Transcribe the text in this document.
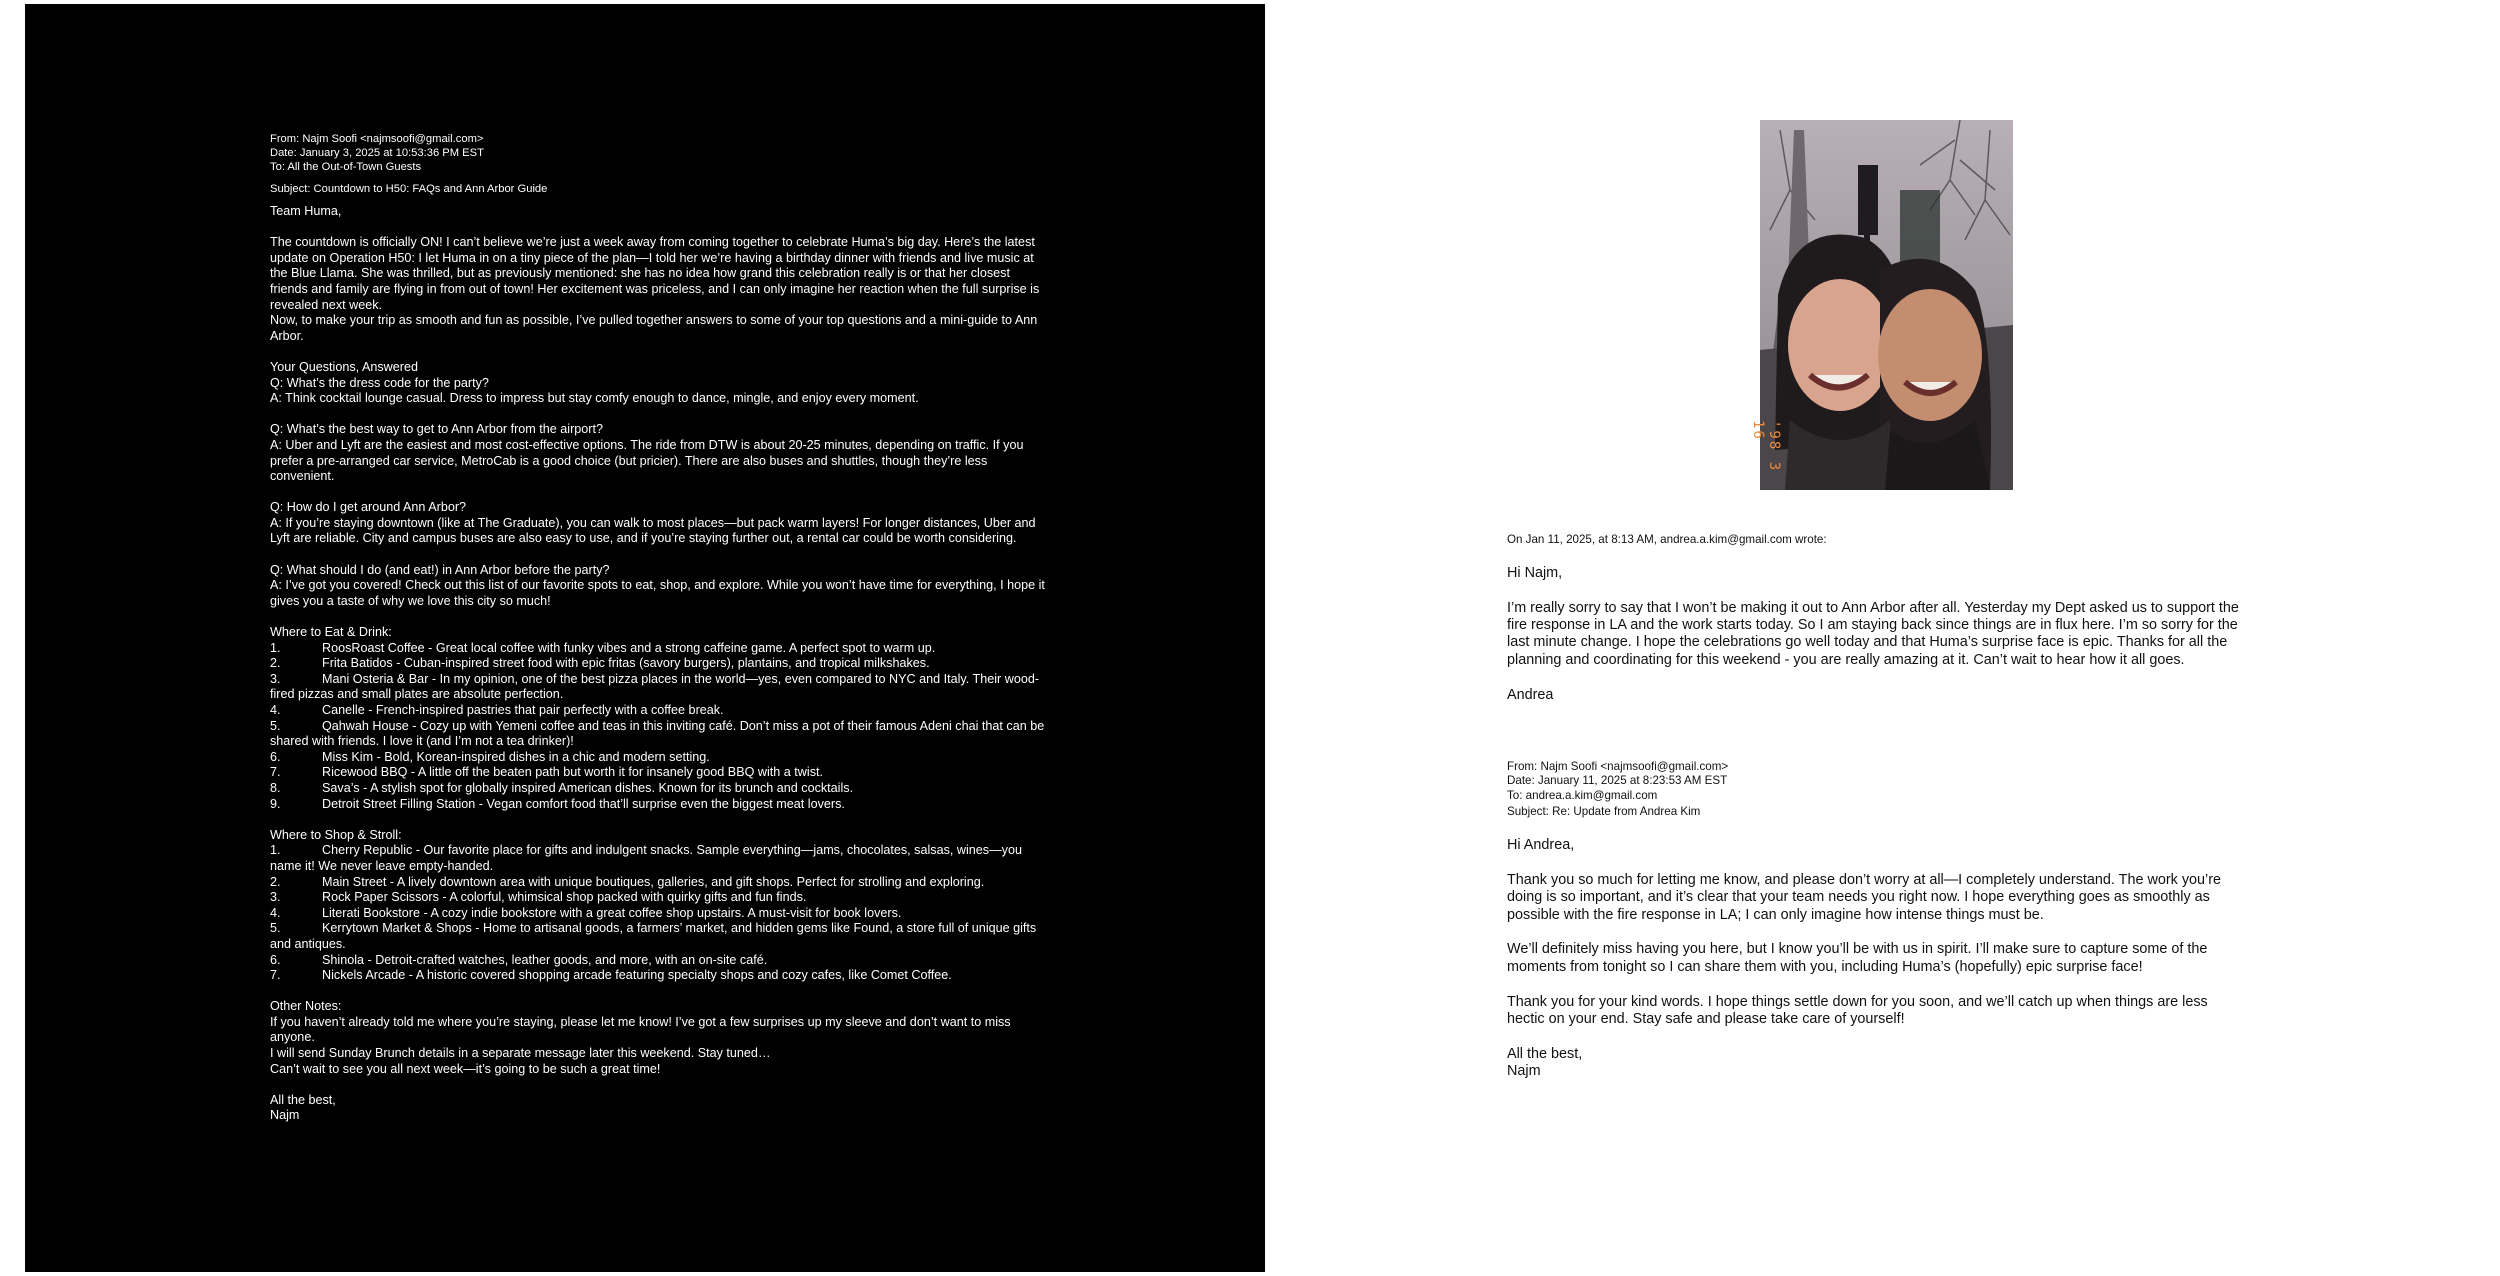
From: Najm Soofi <najmsoofi@gmail.com>
Date: January 3, 2025 at 10:53:36 PM EST
To: All the Out-of-Town Guests
Subject: Countdown to H50: FAQs and Ann Arbor Guide
Team Huma,
The countdown is officially ON! I can’t believe we’re just a week away from coming together to celebrate Huma’s big day. Here’s the latest update on Operation H50: I let Huma in on a tiny piece of the plan—I told her we’re having a birthday dinner with friends and live music at the Blue Llama. She was thrilled, but as previously mentioned: she has no idea how grand this celebration really is or that her closest friends and family are flying in from out of town! Her excitement was priceless, and I can only imagine her reaction when the full surprise is revealed next week.
Now, to make your trip as smooth and fun as possible, I’ve pulled together answers to some of your top questions and a mini-guide to Ann Arbor.
Your Questions, Answered
Q: What’s the dress code for the party?
A: Think cocktail lounge casual. Dress to impress but stay comfy enough to dance, mingle, and enjoy every moment.
Q: What’s the best way to get to Ann Arbor from the airport?
A: Uber and Lyft are the easiest and most cost-effective options. The ride from DTW is about 20-25 minutes, depending on traffic. If you prefer a pre-arranged car service, MetroCab is a good choice (but pricier). There are also buses and shuttles, though they’re less convenient.
Q: How do I get around Ann Arbor?
A: If you’re staying downtown (like at The Graduate), you can walk to most places—but pack warm layers! For longer distances, Uber and Lyft are reliable. City and campus buses are also easy to use, and if you’re staying further out, a rental car could be worth considering.
Q: What should I do (and eat!) in Ann Arbor before the party?
A: I’ve got you covered! Check out this list of our favorite spots to eat, shop, and explore. While you won’t have time for everything, I hope it gives you a taste of why we love this city so much!
Where to Eat & Drink:
1.	RoosRoast Coffee - Great local coffee with funky vibes and a strong caffeine game. A perfect spot to warm up.
2.	Frita Batidos - Cuban-inspired street food with epic fritas (savory burgers), plantains, and tropical milkshakes.
3.	Mani Osteria & Bar - In my opinion, one of the best pizza places in the world—yes, even compared to NYC and Italy. Their wood-fired pizzas and small plates are absolute perfection.
4.	Canelle - French-inspired pastries that pair perfectly with a coffee break.
5.	Qahwah House - Cozy up with Yemeni coffee and teas in this inviting café. Don’t miss a pot of their famous Adeni chai that can be shared with friends. I love it (and I’m not a tea drinker)!
6.	Miss Kim - Bold, Korean-inspired dishes in a chic and modern setting.
7.	Ricewood BBQ - A little off the beaten path but worth it for insanely good BBQ with a twist.
8.	Sava’s - A stylish spot for globally inspired American dishes. Known for its brunch and cocktails.
9.	Detroit Street Filling Station - Vegan comfort food that’ll surprise even the biggest meat lovers.
Where to Shop & Stroll:
1.	Cherry Republic - Our favorite place for gifts and indulgent snacks. Sample everything—jams, chocolates, salsas, wines—you name it! We never leave empty-handed.
2.	Main Street - A lively downtown area with unique boutiques, galleries, and gift shops. Perfect for strolling and exploring.
3.	Rock Paper Scissors - A colorful, whimsical shop packed with quirky gifts and fun finds.
4.	Literati Bookstore - A cozy indie bookstore with a great coffee shop upstairs. A must-visit for book lovers.
5.	Kerrytown Market & Shops - Home to artisanal goods, a farmers’ market, and hidden gems like Found, a store full of unique gifts and antiques.
6.	Shinola - Detroit-crafted watches, leather goods, and more, with an on-site café.
7.	Nickels Arcade - A historic covered shopping arcade featuring specialty shops and cozy cafes, like Comet Coffee.
Other Notes:
If you haven’t already told me where you’re staying, please let me know! I’ve got a few surprises up my sleeve and don’t want to miss anyone.
I will send Sunday Brunch details in a separate message later this weekend. Stay tuned…
Can’t wait to see you all next week—it’s going to be such a great time!
All the best,
Najm
'98 3 16
On Jan 11, 2025, at 8:13 AM, andrea.a.kim@gmail.com wrote:
Hi Najm,
I’m really sorry to say that I won’t be making it out to Ann Arbor after all. Yesterday my Dept asked us to support the fire response in LA and the work starts today. So I am staying back since things are in flux here. I’m so sorry for the last minute change. I hope the celebrations go well today and that Huma’s surprise face is epic. Thanks for all the planning and coordinating for this weekend - you are really amazing at it. Can’t wait to hear how it all goes.
Andrea
From: Najm Soofi <najmsoofi@gmail.com>
Date: January 11, 2025 at 8:23:53 AM EST
To: andrea.a.kim@gmail.com
Subject: Re: Update from Andrea Kim
Hi Andrea,
Thank you so much for letting me know, and please don’t worry at all—I completely understand. The work you’re doing is so important, and it’s clear that your team needs you right now. I hope everything goes as smoothly as possible with the fire response in LA; I can only imagine how intense things must be.
We’ll definitely miss having you here, but I know you’ll be with us in spirit. I’ll make sure to capture some of the moments from tonight so I can share them with you, including Huma’s (hopefully) epic surprise face!
Thank you for your kind words. I hope things settle down for you soon, and we’ll catch up when things are less hectic on your end. Stay safe and please take care of yourself!
All the best,
Najm
